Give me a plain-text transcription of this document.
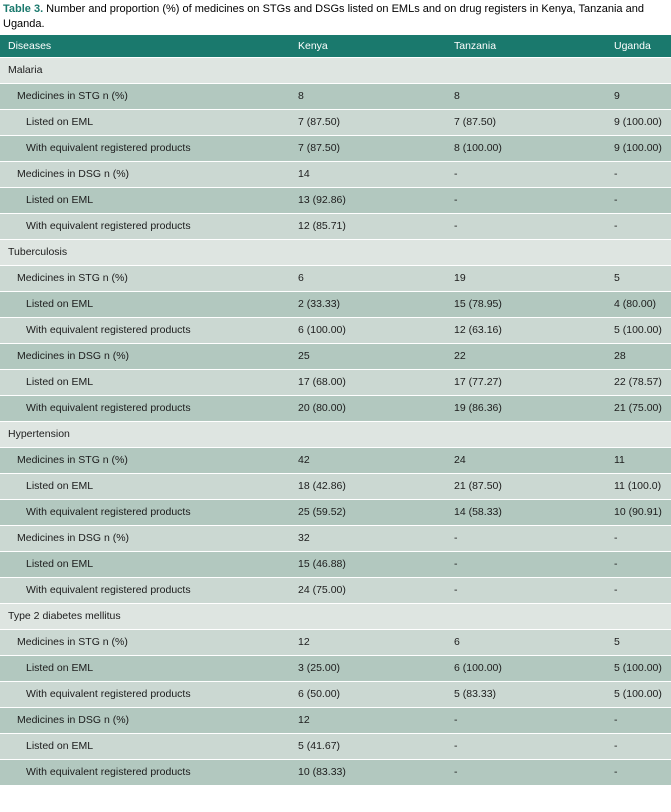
Table 3. Number and proportion (%) of medicines on STGs and DSGs listed on EMLs and on drug registers in Kenya, Tanzania and Uganda.
Diseases	Kenya	Tanzania	Uganda
Malaria			
Medicines in STG n (%)	8	8	9
Listed on EML	7 (87.50)	7 (87.50)	9 (100.00)
With equivalent registered products	7 (87.50)	8 (100.00)	9 (100.00)
Medicines in DSG n (%)	14	-	-
Listed on EML	13 (92.86)	-	-
With equivalent registered products	12 (85.71)	-	-
Tuberculosis			
Medicines in STG n (%)	6	19	5
Listed on EML	2 (33.33)	15 (78.95)	4 (80.00)
With equivalent registered products	6 (100.00)	12 (63.16)	5 (100.00)
Medicines in DSG n (%)	25	22	28
Listed on EML	17 (68.00)	17 (77.27)	22 (78.57)
With equivalent registered products	20 (80.00)	19 (86.36)	21 (75.00)
Hypertension			
Medicines in STG n (%)	42	24	11
Listed on EML	18 (42.86)	21 (87.50)	11 (100.0)
With equivalent registered products	25 (59.52)	14 (58.33)	10 (90.91)
Medicines in DSG n (%)	32	-	-
Listed on EML	15 (46.88)	-	-
With equivalent registered products	24 (75.00)	-	-
Type 2 diabetes mellitus			
Medicines in STG n (%)	12	6	5
Listed on EML	3 (25.00)	6 (100.00)	5 (100.00)
With equivalent registered products	6 (50.00)	5 (83.33)	5 (100.00)
Medicines in DSG n (%)	12	-	-
Listed on EML	5 (41.67)	-	-
With equivalent registered products	10 (83.33)	-	-
